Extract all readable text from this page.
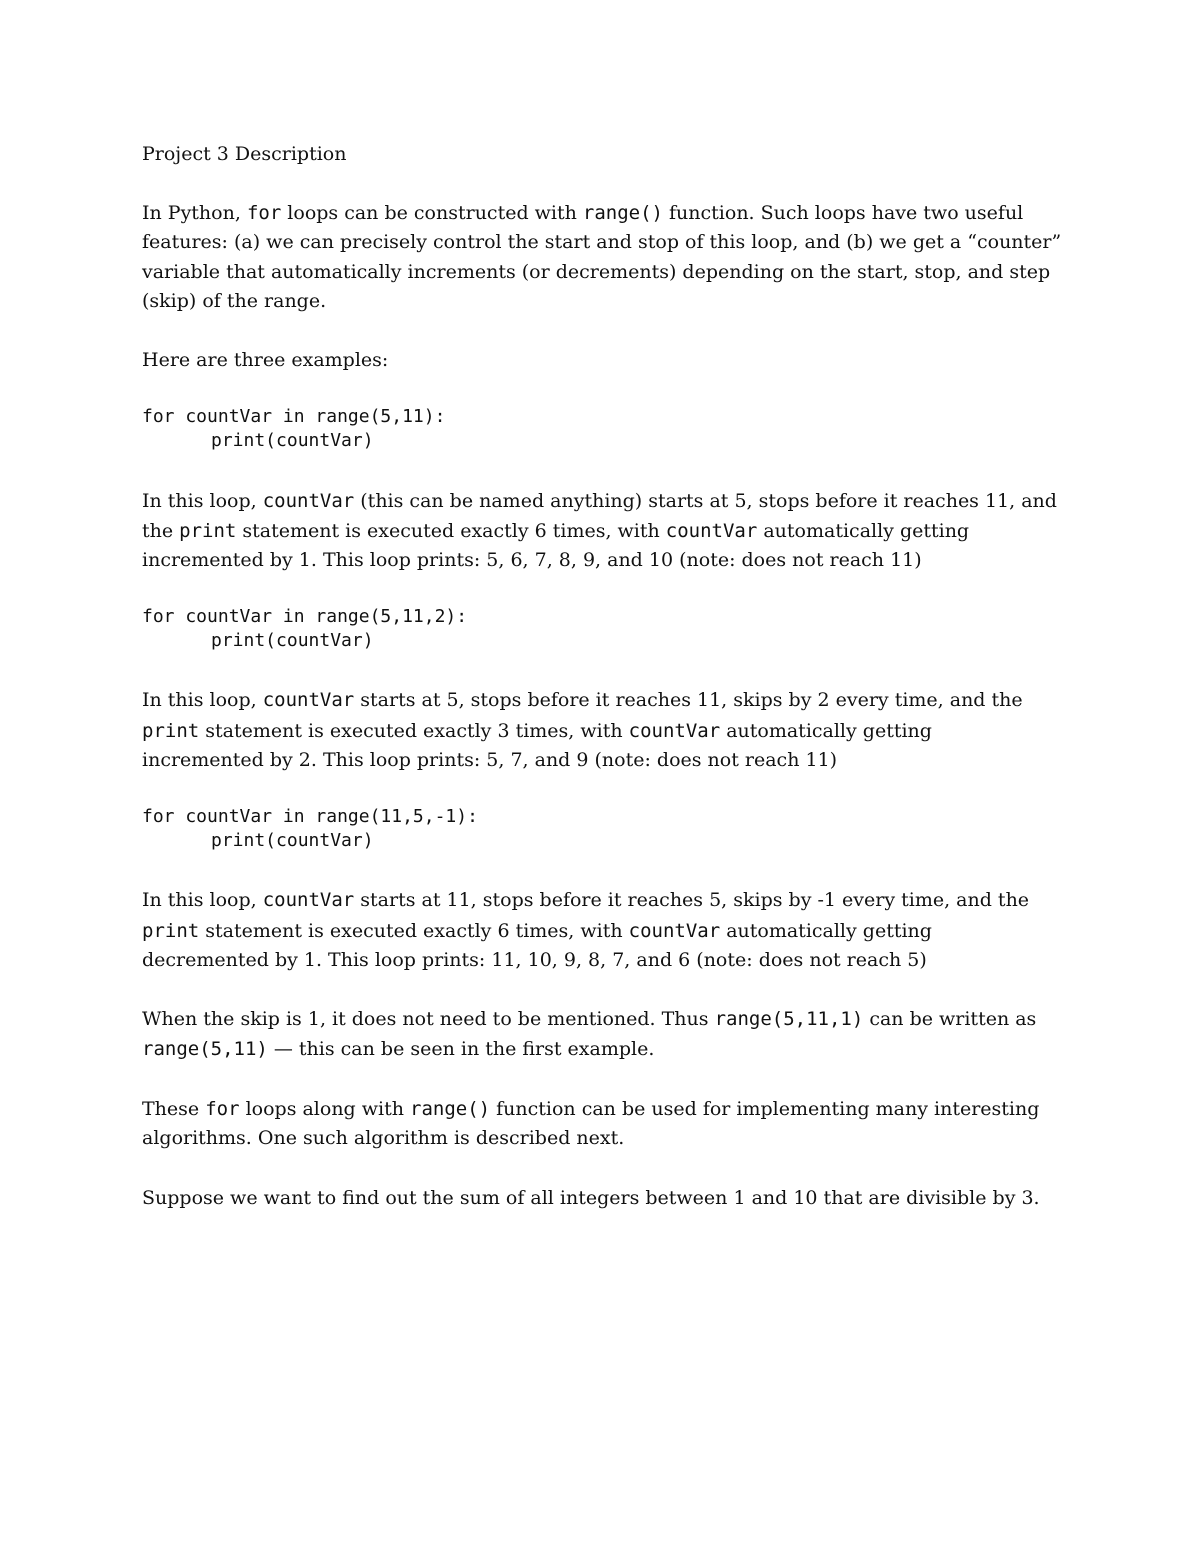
Project 3 Description
In Python, for loops can be constructed with range() function. Such loops have two useful
features: (a) we can precisely control the start and stop of this loop, and (b) we get a “counter”
variable that automatically increments (or decrements) depending on the start, stop, and step
(skip) of the range.
Here are three examples:
for countVar in range(5,11):
print(countVar)
In this loop, countVar (this can be named anything) starts at 5, stops before it reaches 11, and
the print statement is executed exactly 6 times, with countVar automatically getting
incremented by 1. This loop prints: 5, 6, 7, 8, 9, and 10 (note: does not reach 11)
for countVar in range(5,11,2):
print(countVar)
In this loop, countVar starts at 5, stops before it reaches 11, skips by 2 every time, and the
print statement is executed exactly 3 times, with countVar automatically getting
incremented by 2. This loop prints: 5, 7, and 9 (note: does not reach 11)
for countVar in range(11,5,-1):
print(countVar)
In this loop, countVar starts at 11, stops before it reaches 5, skips by -1 every time, and the
print statement is executed exactly 6 times, with countVar automatically getting
decremented by 1. This loop prints: 11, 10, 9, 8, 7, and 6 (note: does not reach 5)
When the skip is 1, it does not need to be mentioned. Thus range(5,11,1) can be written as
range(5,11) — this can be seen in the first example.
These for loops along with range() function can be used for implementing many interesting
algorithms. One such algorithm is described next.
Suppose we want to find out the sum of all integers between 1 and 10 that are divisible by 3.
